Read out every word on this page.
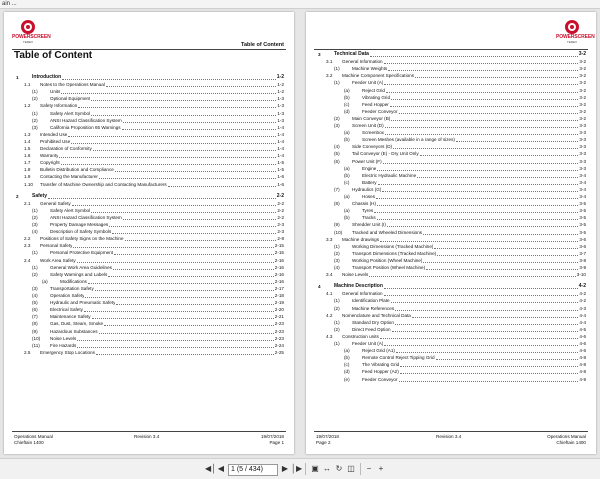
ain ...
POWERSCREEN
TEREX	Table of Content
Table of Content
1	Introduction	1-2
1.1 Notes to the Operations Manual	1-2
(1)	Units	1-2
(2)	Optional Equipment	1-3
1.2 Safety Information	1-3
(1)	Safety Alert Symbol	1-3
(2)	ANSI Hazard Classification System	1-3
(3)	California Proposition 65 Warnings	1-4
1.3 Intended Use	1-4
1.4 Prohibited Use	1-4
1.5 Declaration of Conformity	1-4
1.6 Warranty	1-4
1.7 Copyright	1-5
1.8 Bulletin Distribution and Compliance	1-5
1.9 Contacting the Manufacturer	1-6
1.10 Transfer of Machine Ownership and Contacting Manufacturers	1-6
2	Safety	2-2
2.1 General Safety	2-2
(1)	Safety Alert Symbol	2-2
(2)	ANSI Hazard Classification System	2-2
(3)	Property Damage Messages	2-3
(4)	Description of Safety Symbols	2-3
2.2 Positions of Safety Signs on the Machine	2-8
2.3 Personal Safety	2-15
(1)	Personal Protective Equipment	2-15
2.4 Work Area Safety	2-16
(1)	General Work Area Guidelines	2-16
(2)	Safety Warnings and Labels	2-16
(a)	Modifications	2-16
(3)	Transportation Safety	2-17
(4)	Operation Safety	2-18
(5)	Hydraulic and Pneumatic Safety	2-19
(6)	Electrical Safety	2-20
(7)	Maintenance Safety	2-21
(8)	Gas, Dust, Steam, Smoke	2-23
(9)	Hazardous Substances	2-23
(10) Noise Levels	2-23
(11) Fire Hazards	2-24
2.5 Emergency Stop Locations	2-25
Operations Manual
Chieftain 1400
Revision 3.4	19/07/2018
Page 1
POWERSCREEN
TEREX
3	Technical Data	3-2
3.1 General Information	3-2
(1)	Machine Weights	3-2
3.2 Machine Component Specifications	3-2
(1)	Feeder Unit (A)	3-2
(a)	Reject Grid	3-2
(b)	Vibrating Grid	3-2
(c)	Feed Hopper	3-2
(d)	Feeder Conveyor	3-2
(2)	Main Conveyor (B)	3-2
(3)	Screen Unit (D)	3-3
(a)	Screenbox	3-3
(b)	Screen Meshes (available in a range of sizes)	3-3
(4)	Side Conveyors (D)	3-3
(5)	Tail Conveyor (E) - Dry Unit Only	3-3
(6)	Power Unit (F)	3-3
(a)	Engine	3-3
(b)	Electric Hydraulic Machine	3-4
(c)	Battery	3-4
(7)	Hydraulics (G)	3-4
(a)	Hoses	3-4
(8)	Chassis (H)	3-5
(a)	Tyres	3-5
(b)	Tracks	3-5
(9)	Shredder Unit (I)	3-5
(10) Tracked and Wheeled Dimensions	3-5
3.3 Machine drawings	3-6
(1)	Working Dimensions (Tracked Machine)	3-6
(2)	Transport Dimensions (Tracked Machine)	3-7
(3)	Working Position (Wheel Machine)	3-8
(4)	Transport Position (Wheel Machine)	3-9
3.4 Noise Levels	3-10
4	Machine Description	4-2
4.1 General Information	4-2
(1)	Identification Plate	4-2
(2)	Machine References	4-3
4.2 Nomenclature and Technical Data	4-4
(1)	Standard Dry Option	4-4
(2)	Direct Feed Option	4-5
4.3 Construction units	4-6
(1)	Feeder Unit (A)	4-6
(a)	Reject Grid (A1)	4-6
(b)	Remote Control Reject Tipping Grid	4-8
(c)	The Vibrating Grid	4-8
(d)	Feed Hopper (A2)	4-8
(e)	Feeder Conveyor	4-9
19/07/2018
Page 2
Revision 3.4	Operations Manual
Chieftain 1400
◀│ ◀ 1 (5 / 434)	▶ │▶ ▣ ↔ ↻ ◫	− +
